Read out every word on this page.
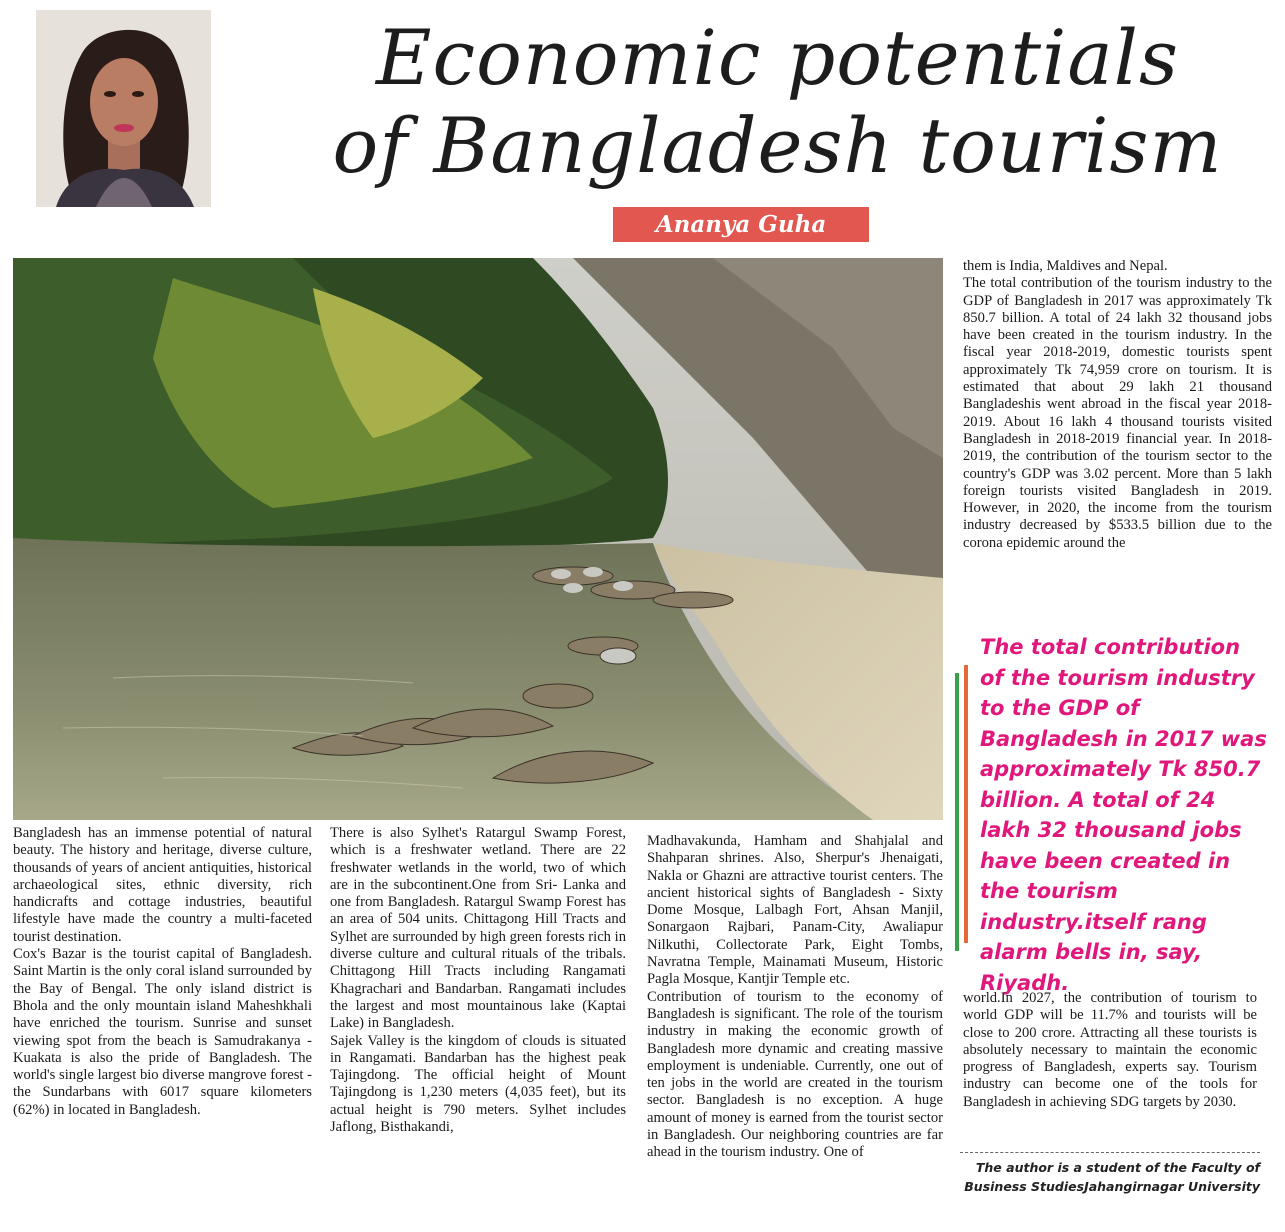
Economic potentials
of Bangladesh tourism
Ananya Guha

Bangladesh has an immense potential of natural beauty. The history and heritage, diverse culture, thousands of years of ancient antiquities, historical archaeological sites, ethnic diversity, rich handicrafts and cottage industries, beautiful lifestyle have made the country a multi-faceted tourist destination.

Cox's Bazar is the tourist capital of Bangladesh. Saint Martin is the only coral island surrounded by the Bay of Bengal. The only island district is Bhola and the only mountain island Maheshkhali have enriched the tourism. Sunrise and sunset viewing spot from the beach is Samudrakanya - Kuakata is also the pride of Bangladesh. The world's single largest bio diverse mangrove forest - the Sundarbans with 6017 square kilometers (62%) in located in Bangladesh.

There is also Sylhet's Ratargul Swamp Forest, which is a freshwater wetland. There are 22 freshwater wetlands in the world, two of which are in the subcontinent.One from Sri- Lanka and one from Bangladesh. Ratargul Swamp Forest has an area of 504 units. Chittagong Hill Tracts and Sylhet are surrounded by high green forests rich in diverse culture and cultural rituals of the tribals. Chittagong Hill Tracts including Rangamati Khagrachari and Bandarban. Rangamati includes the largest and most mountainous lake (Kaptai Lake) in Bangladesh.

Sajek Valley is the kingdom of clouds is situated in Rangamati. Bandarban has the highest peak Tajingdong. The official height of Mount Tajingdong is 1,230 meters (4,035 feet), but its actual height is 790 meters. Sylhet includes Jaflong, Bisthakandi,

Madhavakunda, Hamham and Shahjalal and Shahparan shrines. Also, Sherpur's Jhenaigati, Nakla or Ghazni are attractive tourist centers. The ancient historical sights of Bangladesh - Sixty Dome Mosque, Lalbagh Fort, Ahsan Manjil, Sonargaon Rajbari, Panam-City, Awaliapur Nilkuthi, Collectorate Park, Eight Tombs, Navratna Temple, Mainamati Museum, Historic Pagla Mosque, Kantjir Temple etc.

Contribution of tourism to the economy of Bangladesh is significant. The role of the tourism industry in making the economic growth of Bangladesh more dynamic and creating massive employment is undeniable. Currently, one out of ten jobs in the world are created in the tourism sector. Bangladesh is no exception. A huge amount of money is earned from the tourist sector in Bangladesh. Our neighboring countries are far ahead in the tourism industry. One of

them is India, Maldives and Nepal.

The total contribution of the tourism industry to the GDP of Bangladesh in 2017 was approximately Tk 850.7 billion. A total of 24 lakh 32 thousand jobs have been created in the tourism industry. In the fiscal year 2018-2019, domestic tourists spent approximately Tk 74,959 crore on tourism. It is estimated that about 29 lakh 21 thousand Bangladeshis went abroad in the fiscal year 2018-2019. About 16 lakh 4 thousand tourists visited Bangladesh in 2018-2019 financial year. In 2018-2019, the contribution of the tourism sector to the country's GDP was 3.02 percent. More than 5 lakh foreign tourists visited Bangladesh in 2019. However, in 2020, the income from the tourism industry decreased by $533.5 billion due to the corona epidemic around the

The total contribution of the tourism industry to the GDP of Bangladesh in 2017 was approximately Tk 850.7 billion. A total of 24 lakh 32 thousand jobs have been created in the tourism industry.itself rang alarm bells in, say, Riyadh.

world.In 2027, the contribution of tourism to world GDP will be 11.7% and tourists will be close to 200 crore. Attracting all these tourists is absolutely necessary to maintain the economic progress of Bangladesh, experts say. Tourism industry can become one of the tools for Bangladesh in achieving SDG targets by 2030.

The author is a student of the Faculty of
Business StudiesJahangirnagar University
